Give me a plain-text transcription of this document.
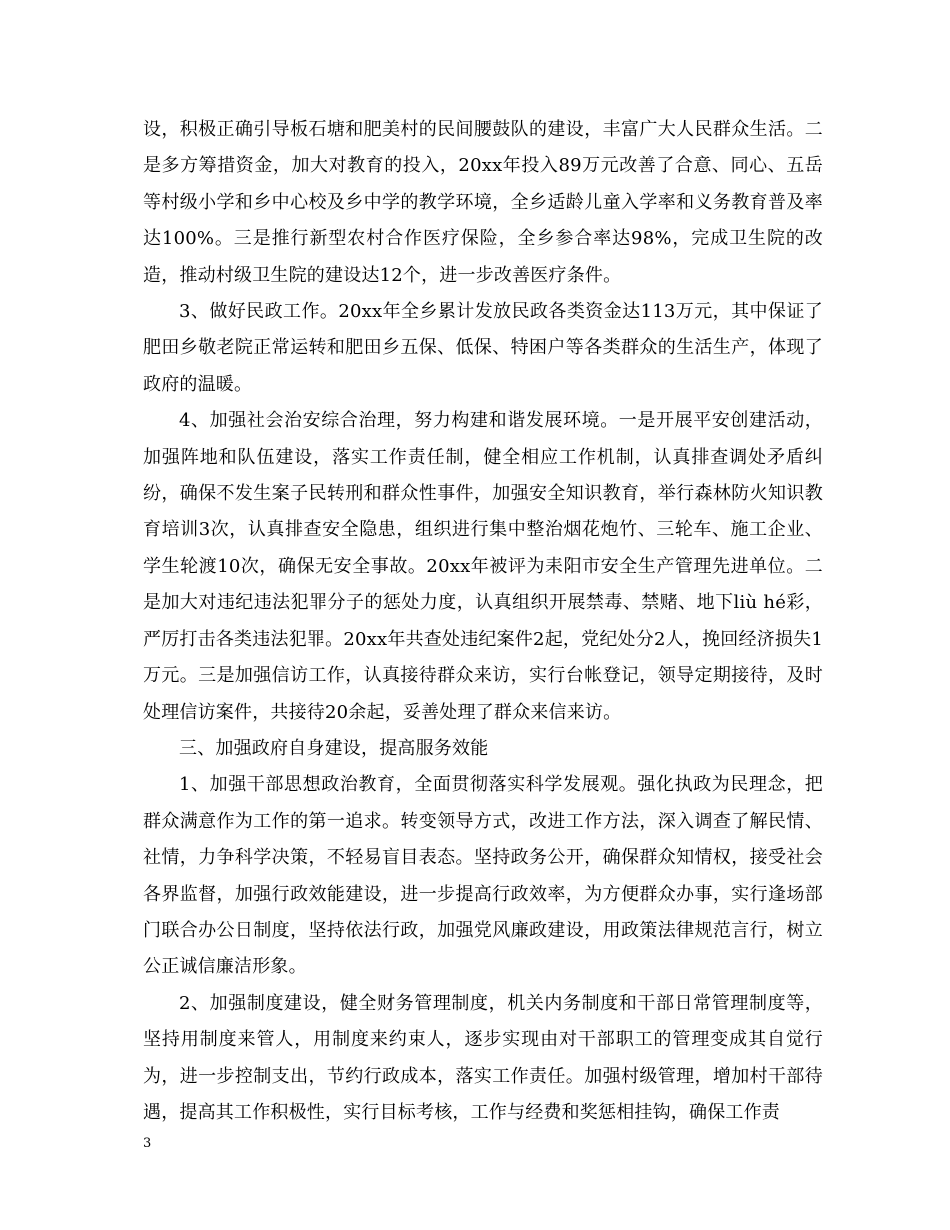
设，积极正确引导板石塘和肥美村的民间腰鼓队的建设，丰富广大人民群众生活。二是多方筹措资金，加大对教育的投入，20xx年投入89万元改善了合意、同心、五岳等村级小学和乡中心校及乡中学的教学环境，全乡适龄儿童入学率和义务教育普及率达100%。三是推行新型农村合作医疗保险，全乡参合率达98%，完成卫生院的改造，推动村级卫生院的建设达12个，进一步改善医疗条件。

3、做好民政工作。20xx年全乡累计发放民政各类资金达113万元，其中保证了肥田乡敬老院正常运转和肥田乡五保、低保、特困户等各类群众的生活生产，体现了政府的温暖。

4、加强社会治安综合治理，努力构建和谐发展环境。一是开展平安创建活动，加强阵地和队伍建设，落实工作责任制，健全相应工作机制，认真排查调处矛盾纠纷，确保不发生案子民转刑和群众性事件，加强安全知识教育，举行森林防火知识教育培训3次，认真排查安全隐患，组织进行集中整治烟花炮竹、三轮车、施工企业、学生轮渡10次，确保无安全事故。20xx年被评为耒阳市安全生产管理先进单位。二是加大对违纪违法犯罪分子的惩处力度，认真组织开展禁毒、禁赌、地下liù hé彩，严厉打击各类违法犯罪。20xx年共查处违纪案件2起，党纪处分2人，挽回经济损失1万元。三是加强信访工作，认真接待群众来访，实行台帐登记，领导定期接待，及时处理信访案件，共接待20余起，妥善处理了群众来信来访。

三、加强政府自身建设，提高服务效能

1、加强干部思想政治教育，全面贯彻落实科学发展观。强化执政为民理念，把群众满意作为工作的第一追求。转变领导方式，改进工作方法，深入调查了解民情、社情，力争科学决策，不轻易盲目表态。坚持政务公开，确保群众知情权，接受社会各界监督，加强行政效能建设，进一步提高行政效率，为方便群众办事，实行逢场部门联合办公日制度，坚持依法行政，加强党风廉政建设，用政策法律规范言行，树立公正诚信廉洁形象。

2、加强制度建设，健全财务管理制度，机关内务制度和干部日常管理制度等，坚持用制度来管人，用制度来约束人，逐步实现由对干部职工的管理变成其自觉行为，进一步控制支出，节约行政成本，落实工作责任。加强村级管理，增加村干部待遇，提高其工作积极性，实行目标考核，工作与经费和奖惩相挂钩，确保工作责

3
